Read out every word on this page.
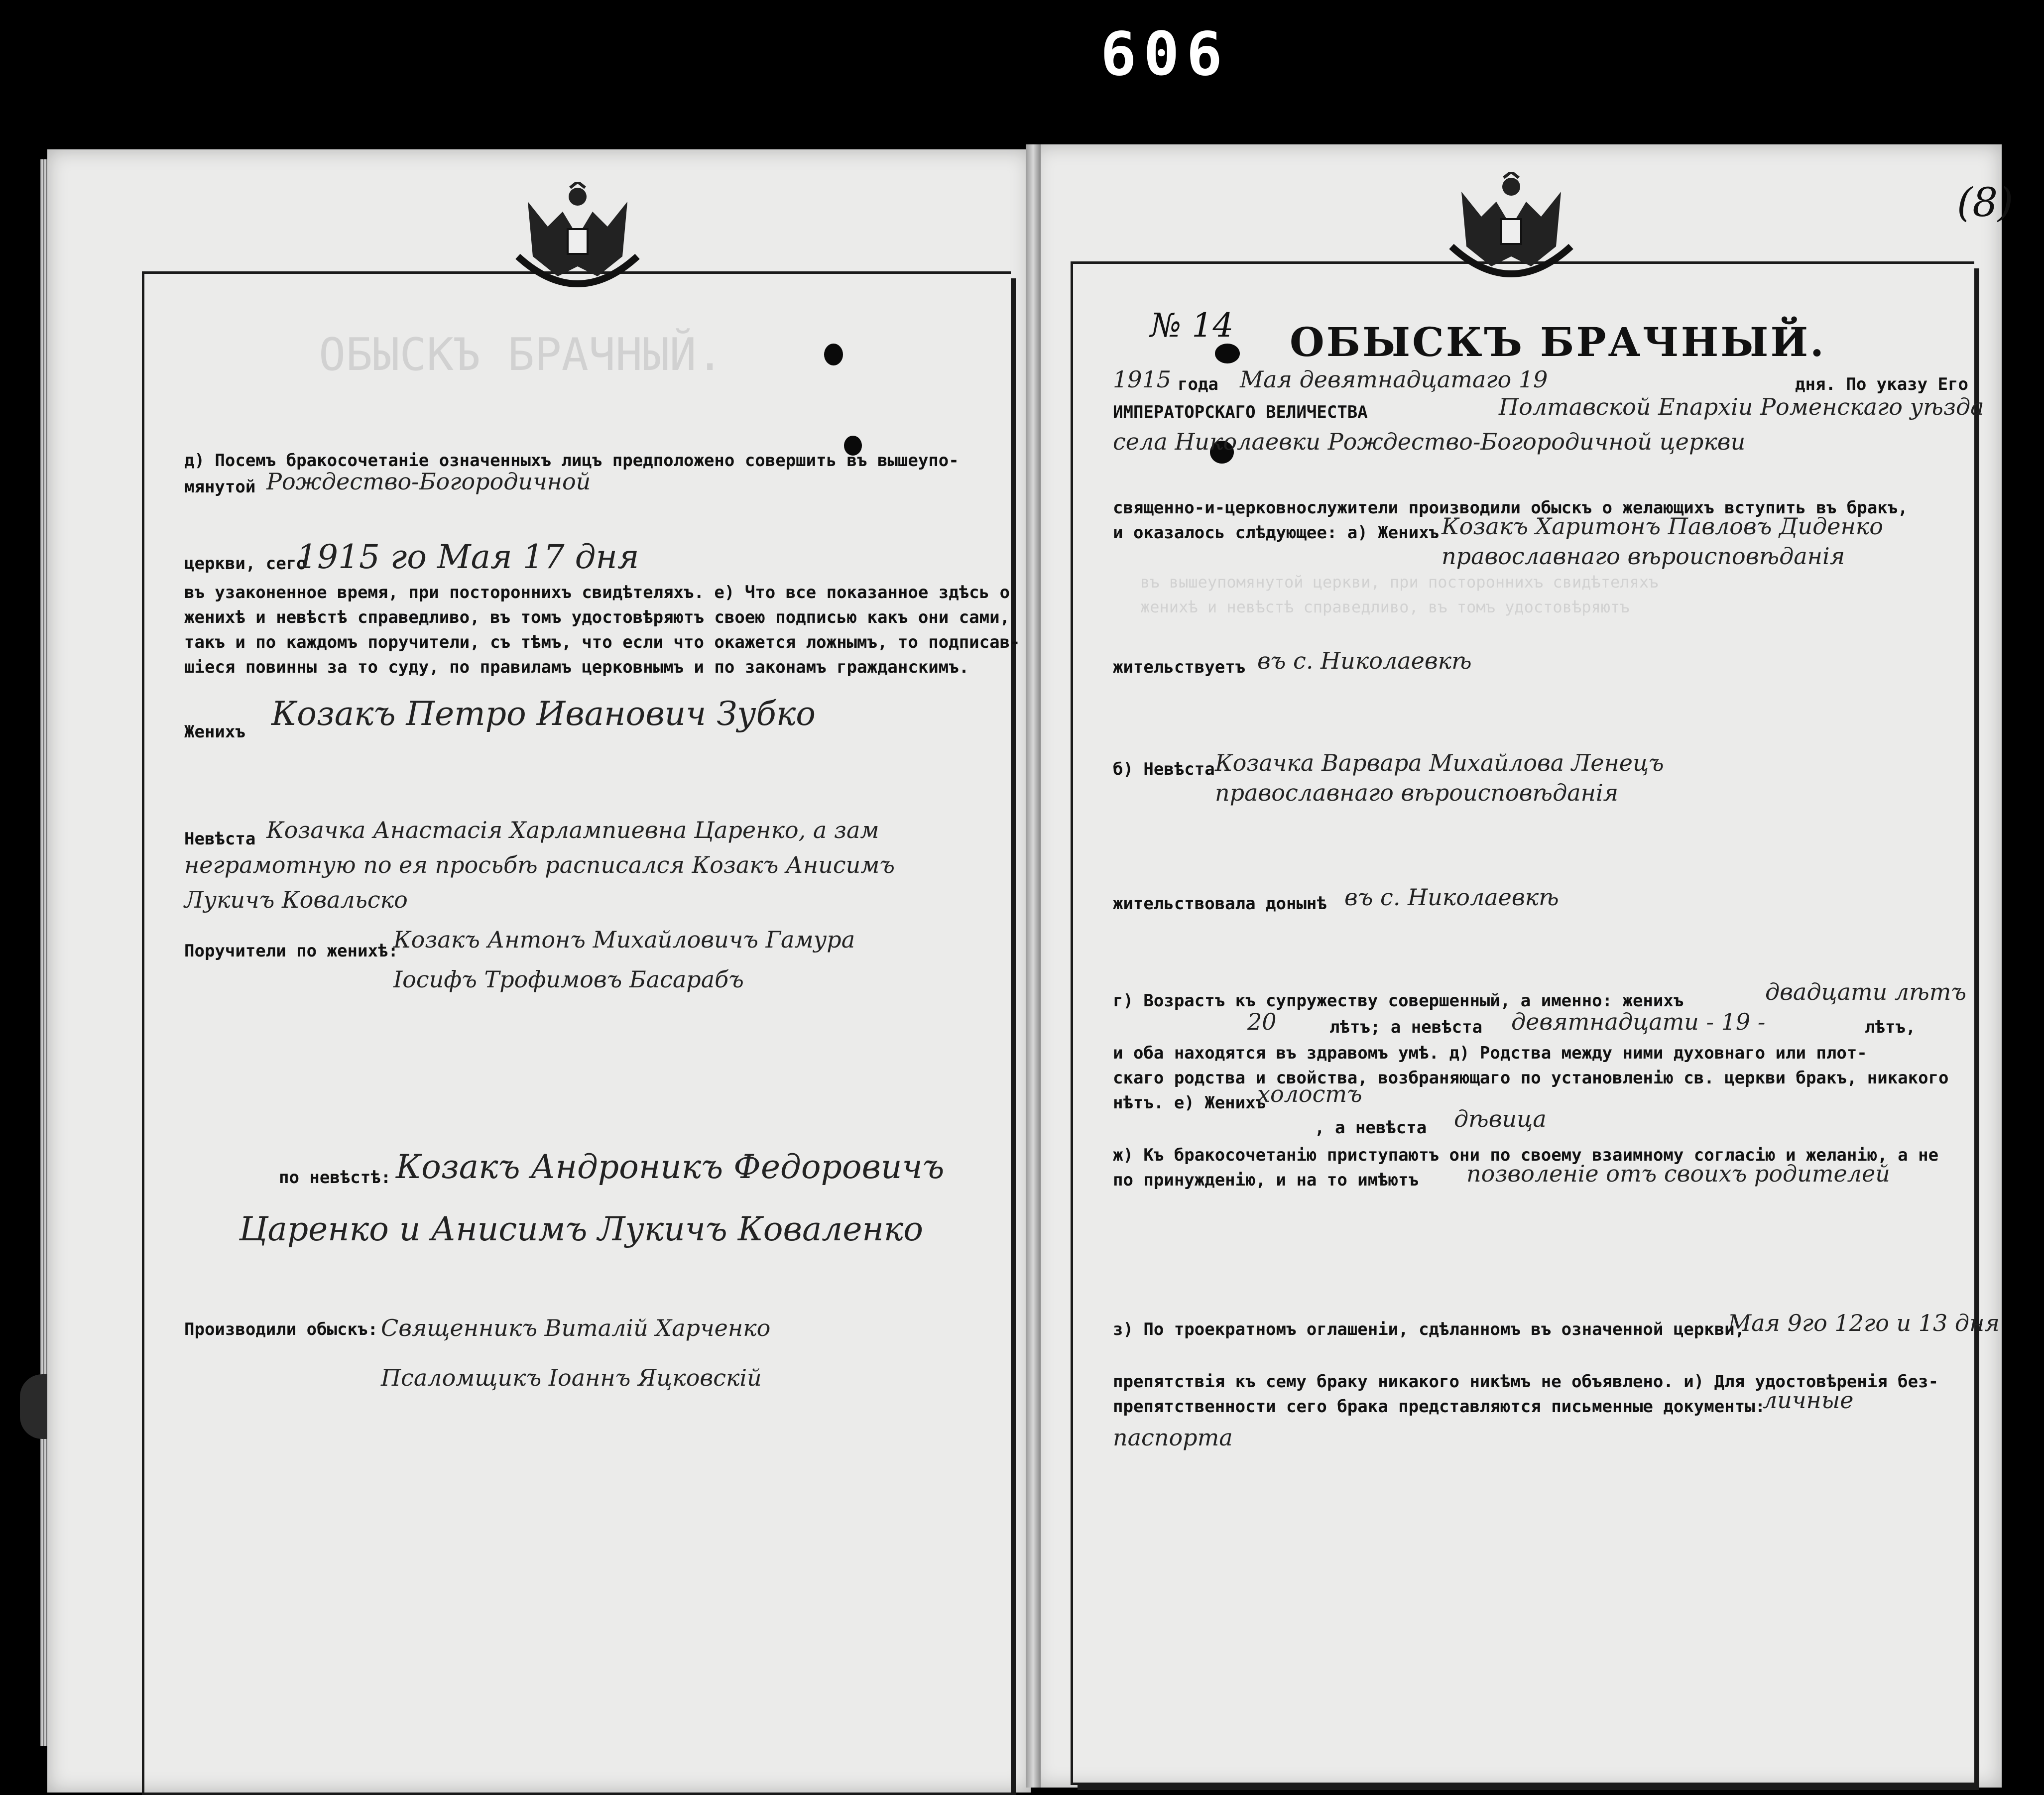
606
(8)
ОБЫСКЪ БРАЧНЫЙ.
въ вышеупомянутой церкви, при постороннихъ свидѣтеляхъ
женихѣ и невѣстѣ справедливо, въ томъ удостовѣряютъ
д) Посемъ бракосочетанiе означенныхъ лицъ предположено совершить въ вышеупо-
мянутой Рождество-Богородичной
церкви, сего
1915 го Мая 17 дня
въ узаконенное время, при постороннихъ свидѣтеляхъ. е) Что все показанное здѣсь о
женихѣ и невѣстѣ справедливо, въ томъ удостовѣряютъ своею подписью какъ они сами,
такъ и по каждомъ поручители, съ тѣмъ, что если что окажется ложнымъ, то подписав-
шiеся повинны за то суду, по правиламъ церковнымъ и по законамъ гражданскимъ.
Женихъ Козакъ Петро Иванович Зубко
Невѣста Козачка Анастасiя Харлампиевна Царенко, а зам
неграмотную по ея просьбѣ расписался Козакъ Анисимъ
Лукичъ Ковальско
Поручители по женихѣ:
Козакъ Антонъ Михайловичъ Гамура
Iосифъ Трофимовъ Басарабъ
по невѣстѣ: Козакъ Андроникъ Федоровичъ
Царенко и Анисимъ Лукичъ Коваленко
Производили обыскъ: Священникъ Виталiй Харченко
Псаломщикъ Iоаннъ Яцковскiй
№ 14 ОБЫСКЪ БРАЧНЫЙ.
1915 года Мая девятнадцатаго 19	дня. По указу Его
ИМПЕРАТОРСКАГО ВЕЛИЧЕСТВА	Полтавской Епархiи Роменскаго уѣзда
села Николаевки Рождество-Богородичной церкви
священно-и-церковнослужители производили обыскъ о желающихъ вступить въ бракъ,
и оказалось слѣдующее: а) Женихъ Козакъ Харитонъ Павловъ Диденко
православнаго вѣроисповѣданiя
жительствуетъ въ с. Николаевкѣ
б) Невѣста Козачка Варвара Михайлова Ленецъ
православнаго вѣроисповѣданiя
жительствовала донынѣ въ с. Николаевкѣ
г) Возрастъ къ супружеству совершенный, а именно: женихъ	двадцати лѣтъ
20	лѣтъ; а невѣста девятнадцати - 19 -	лѣтъ,
и оба находятся въ здравомъ умѣ. д) Родства между ними духовнаго или плот-
скаго родства и свойства, возбраняющаго по установленiю св. церкви бракъ, никакого
нѣтъ. е) Женихъ
холостъ
, а невѣста дѣвица
ж) Къ бракосочетанiю приступаютъ они по своему взаимному согласiю и желанiю, а не
по принужденiю, и на то имѣютъ позволенiе отъ своихъ родителей
з) По троекратномъ оглашенiи, сдѣланномъ въ означенной церкви,
Мая 9го 12го и 13 дня
препятствiя къ сему браку никакого никѣмъ не объявлено. и) Для удостовѣренiя без-
препятственности сего брака представляются письменные документы:
личные
паспорта
